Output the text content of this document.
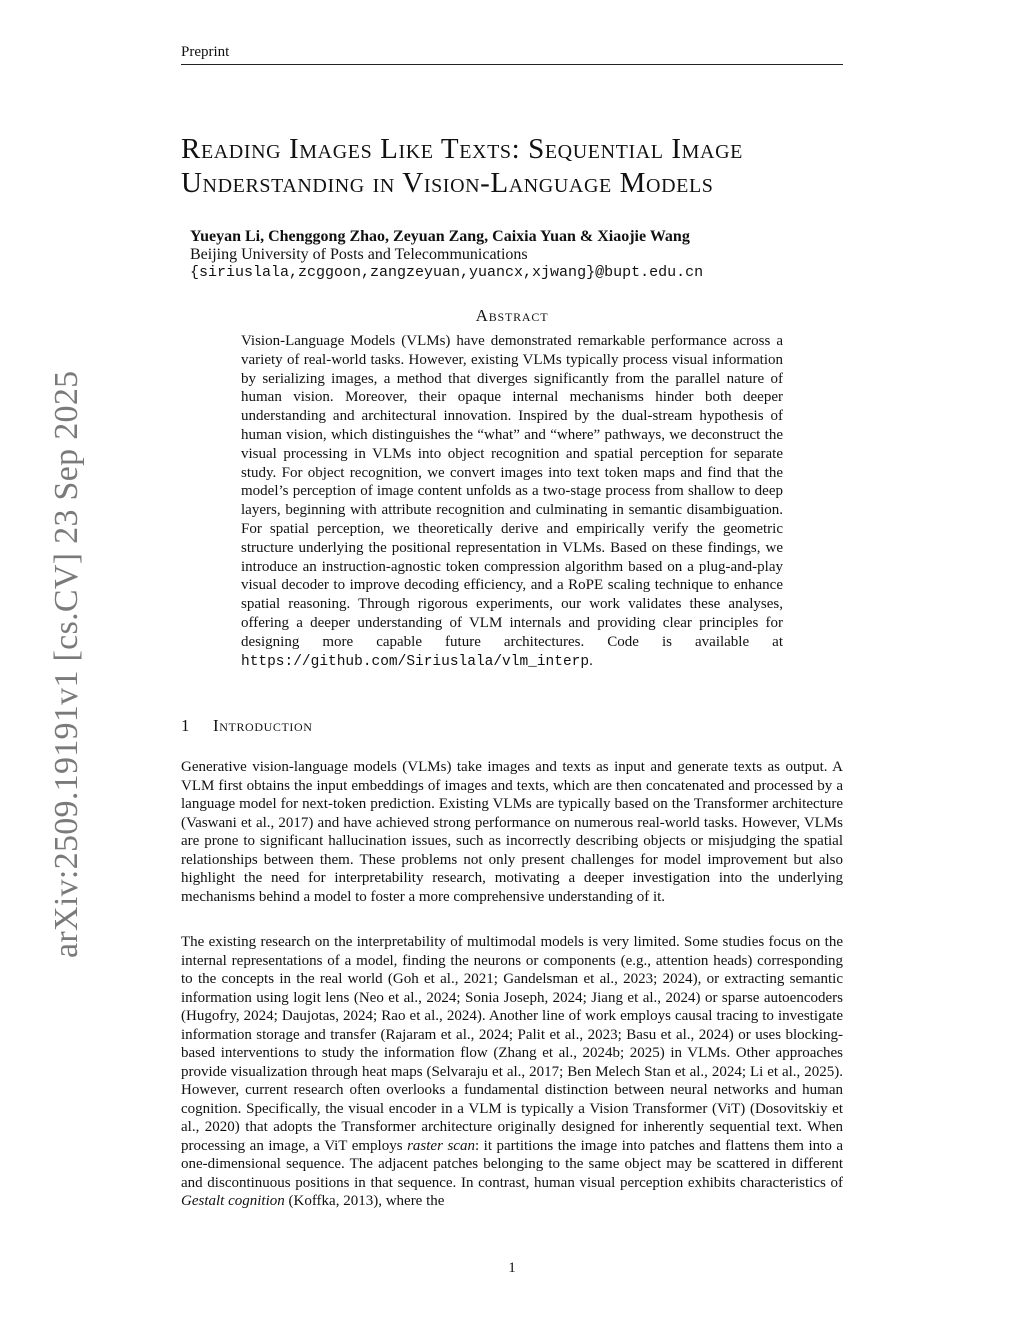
Preprint
arXiv:2509.19191v1 [cs.CV] 23 Sep 2025
Reading Images Like Texts: Sequential Image
Understanding in Vision-Language Models
Yueyan Li, Chenggong Zhao, Zeyuan Zang, Caixia Yuan & Xiaojie Wang
Beijing University of Posts and Telecommunications
{siriuslala,zcggoon,zangzeyuan,yuancx,xjwang}@bupt.edu.cn
Abstract
Vision-Language Models (VLMs) have demonstrated remarkable performance across a variety of real-world tasks. However, existing VLMs typically process visual information by serializing images, a method that diverges significantly from the parallel nature of human vision. Moreover, their opaque internal mechanisms hinder both deeper understanding and architectural innovation. Inspired by the dual-stream hypothesis of human vision, which distinguishes the “what” and “where” pathways, we deconstruct the visual processing in VLMs into object recognition and spatial perception for separate study. For object recognition, we convert images into text token maps and find that the model’s perception of image content unfolds as a two-stage process from shallow to deep layers, beginning with attribute recognition and culminating in semantic disambiguation. For spatial perception, we theoretically derive and empirically verify the geometric structure underlying the positional representation in VLMs. Based on these findings, we introduce an instruction-agnostic token compression algorithm based on a plug-and-play visual decoder to improve decoding efficiency, and a RoPE scaling technique to enhance spatial reasoning. Through rigorous experiments, our work validates these analyses, offering a deeper understanding of VLM internals and providing clear principles for designing more capable future architectures. Code is available at https://github.com/Siriuslala/vlm_interp.
1 Introduction
Generative vision-language models (VLMs) take images and texts as input and generate texts as output. A VLM first obtains the input embeddings of images and texts, which are then concatenated and processed by a language model for next-token prediction. Existing VLMs are typically based on the Transformer architecture (Vaswani et al., 2017) and have achieved strong performance on numerous real-world tasks. However, VLMs are prone to significant hallucination issues, such as incorrectly describing objects or misjudging the spatial relationships between them. These problems not only present challenges for model improvement but also highlight the need for interpretability research, motivating a deeper investigation into the underlying mechanisms behind a model to foster a more comprehensive understanding of it.
The existing research on the interpretability of multimodal models is very limited. Some studies focus on the internal representations of a model, finding the neurons or components (e.g., attention heads) corresponding to the concepts in the real world (Goh et al., 2021; Gandelsman et al., 2023; 2024), or extracting semantic information using logit lens (Neo et al., 2024; Sonia Joseph, 2024; Jiang et al., 2024) or sparse autoencoders (Hugofry, 2024; Daujotas, 2024; Rao et al., 2024). Another line of work employs causal tracing to investigate information storage and transfer (Rajaram et al., 2024; Palit et al., 2023; Basu et al., 2024) or uses blocking-based interventions to study the information flow (Zhang et al., 2024b; 2025) in VLMs. Other approaches provide visualization through heat maps (Selvaraju et al., 2017; Ben Melech Stan et al., 2024; Li et al., 2025). However, current research often overlooks a fundamental distinction between neural networks and human cognition. Specifically, the visual encoder in a VLM is typically a Vision Transformer (ViT) (Dosovitskiy et al., 2020) that adopts the Transformer architecture originally designed for inherently sequential text. When processing an image, a ViT employs raster scan: it partitions the image into patches and flattens them into a one-dimensional sequence. The adjacent patches belonging to the same object may be scattered in different and discontinuous positions in that sequence. In contrast, human visual perception exhibits characteristics of Gestalt cognition (Koffka, 2013), where the
1
